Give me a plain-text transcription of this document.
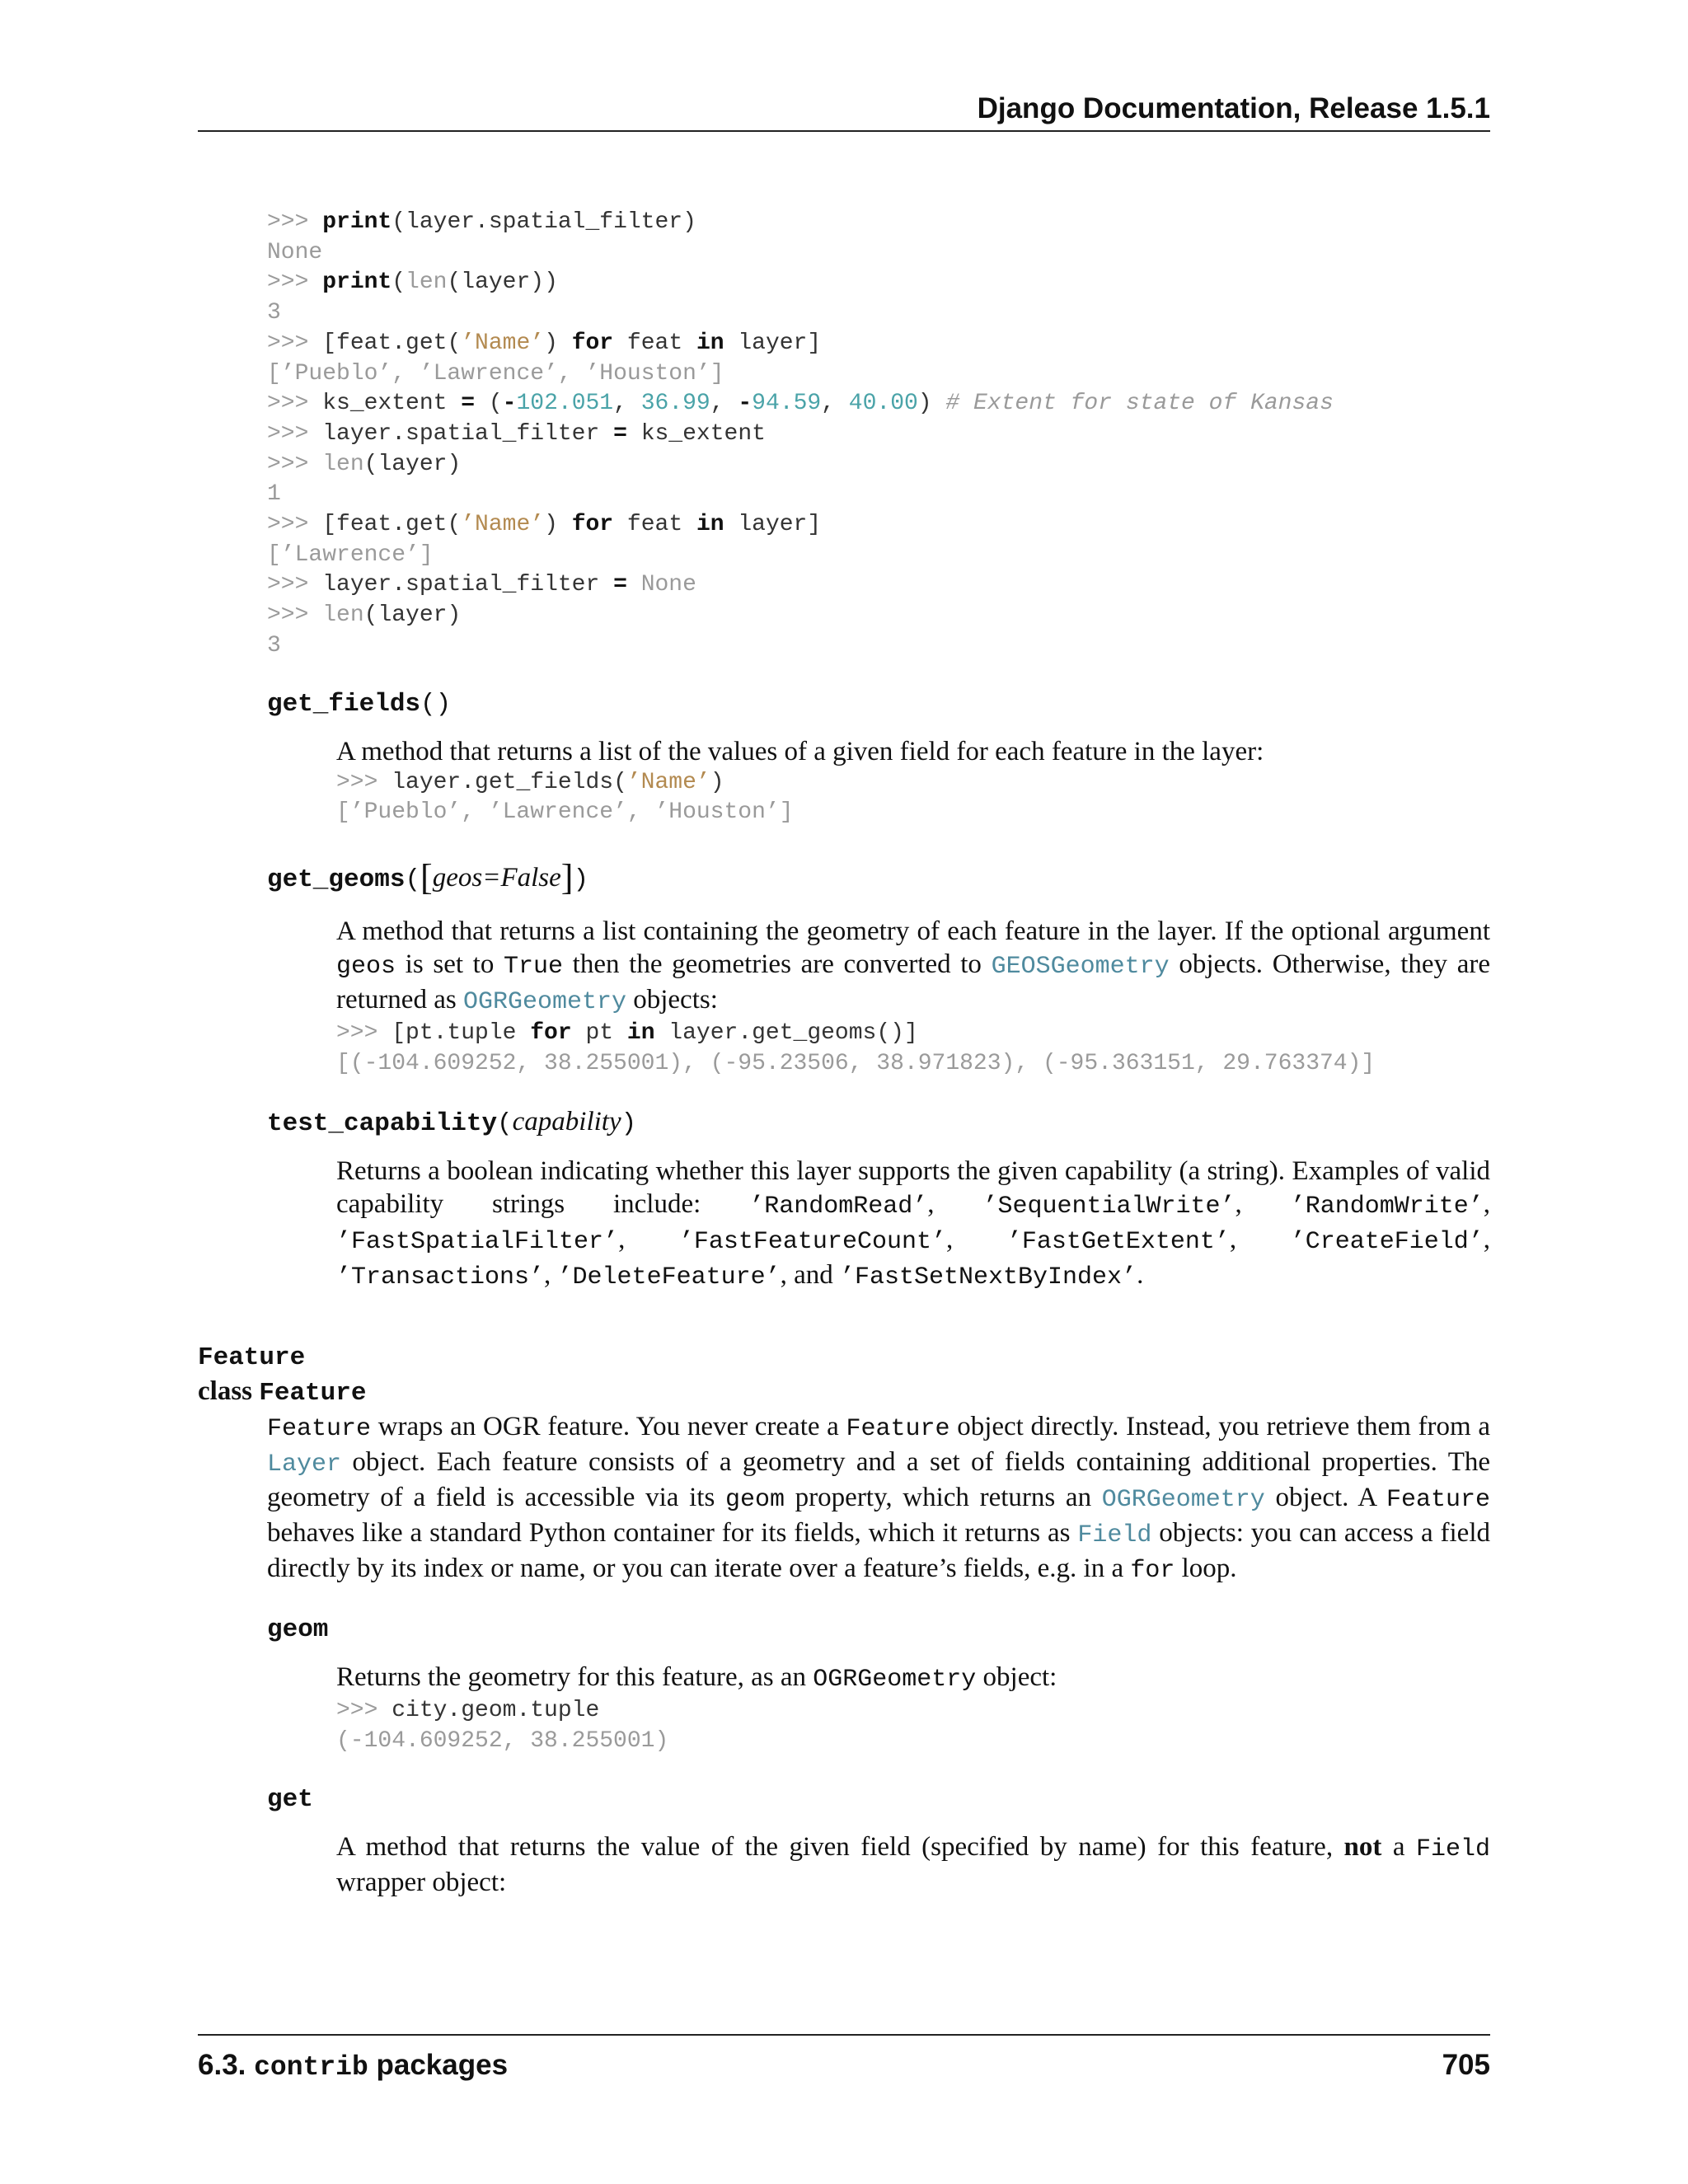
Django Documentation, Release 1.5.1
>>> print(layer.spatial_filter)
None
>>> print(len(layer))
3
>>> [feat.get(’Name’) for feat in layer]
[’Pueblo’, ’Lawrence’, ’Houston’]
>>> ks_extent = (-102.051, 36.99, -94.59, 40.00) # Extent for state of Kansas
>>> layer.spatial_filter = ks_extent
>>> len(layer)
1
>>> [feat.get(’Name’) for feat in layer]
[’Lawrence’]
>>> layer.spatial_filter = None
>>> len(layer)
3
get_fields()
A method that returns a list of the values of a given field for each feature in the layer:
>>> layer.get_fields(’Name’)
[’Pueblo’, ’Lawrence’, ’Houston’]
get_geoms([geos=False])
A method that returns a list containing the geometry of each feature in the layer. If the optional argument geos is set to True then the geometries are converted to GEOSGeometry objects. Otherwise, they are returned as OGRGeometry objects:
>>> [pt.tuple for pt in layer.get_geoms()]
[(-104.609252, 38.255001), (-95.23506, 38.971823), (-95.363151, 29.763374)]
test_capability(capability)
Returns a boolean indicating whether this layer supports the given capability (a string). Examples of valid capability strings include: ’RandomRead’, ’SequentialWrite’, ’RandomWrite’, ’FastSpatialFilter’, ’FastFeatureCount’, ’FastGetExtent’, ’CreateField’, ’Transactions’, ’DeleteFeature’, and ’FastSetNextByIndex’.
Feature
class Feature
Feature wraps an OGR feature. You never create a Feature object directly. Instead, you retrieve them from a Layer object. Each feature consists of a geometry and a set of fields containing additional properties. The geometry of a field is accessible via its geom property, which returns an OGRGeometry object. A Feature behaves like a standard Python container for its fields, which it returns as Field objects: you can access a field directly by its index or name, or you can iterate over a feature’s fields, e.g. in a for loop.
geom
Returns the geometry for this feature, as an OGRGeometry object:
>>> city.geom.tuple
(-104.609252, 38.255001)
get
A method that returns the value of the given field (specified by name) for this feature, not a Field wrapper object:
6.3. contrib packages	705
